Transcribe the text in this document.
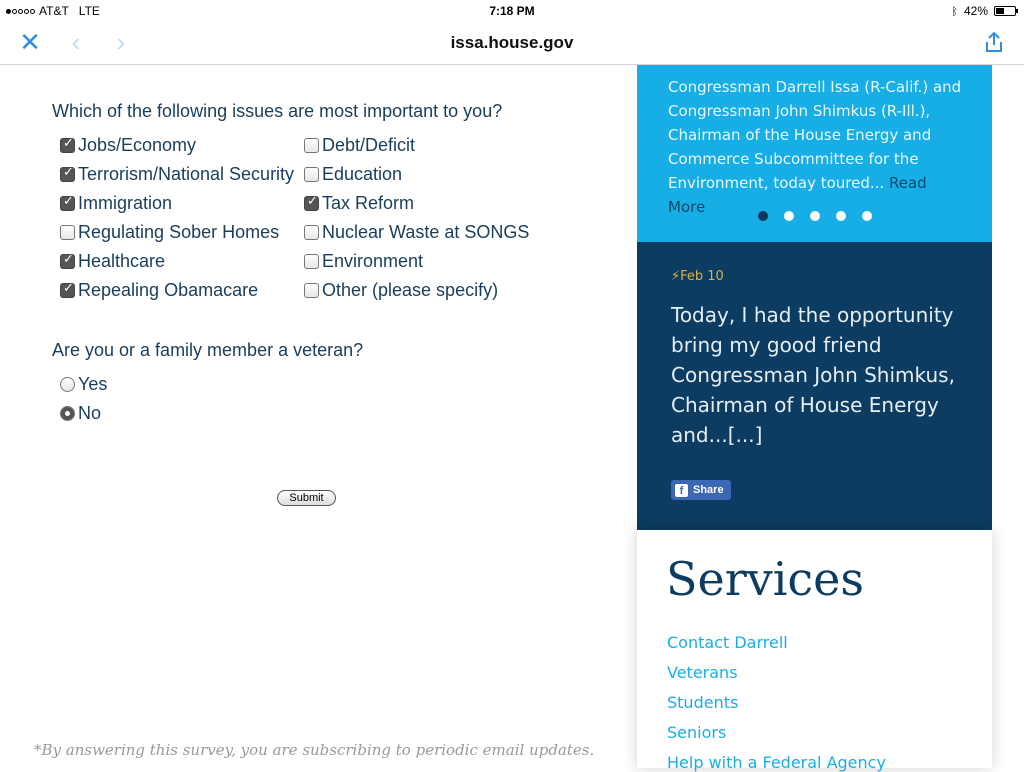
AT&T LTE	7:18 PM	ᛒ 42%
✕	‹	›	issa.house.gov
Which of the following issues are most important to you?
✓
Jobs/Economy
✓
Terrorism/National Security
✓
Immigration
Regulating Sober Homes
✓
Healthcare
✓
Repealing Obamacare
Debt/Deficit
Education
✓
Tax Reform
Nuclear Waste at SONGS
Environment
Other (please specify)
Are you or a family member a veteran?
Yes
No
Submit
*By answering this survey, you are subscribing to periodic email updates.
Congressman Darrell Issa (R-Calif.) and Congressman John Shimkus (R-Ill.), Chairman of the House Energy and Commerce Subcommittee for the Environment, today toured... Read More
⚡Feb 10
Today, I had the opportunity bring my good friend Congressman John Shimkus, Chairman of House Energy and...[...]
f Share
Services
Contact Darrell
Veterans
Students
Seniors
Help with a Federal Agency
